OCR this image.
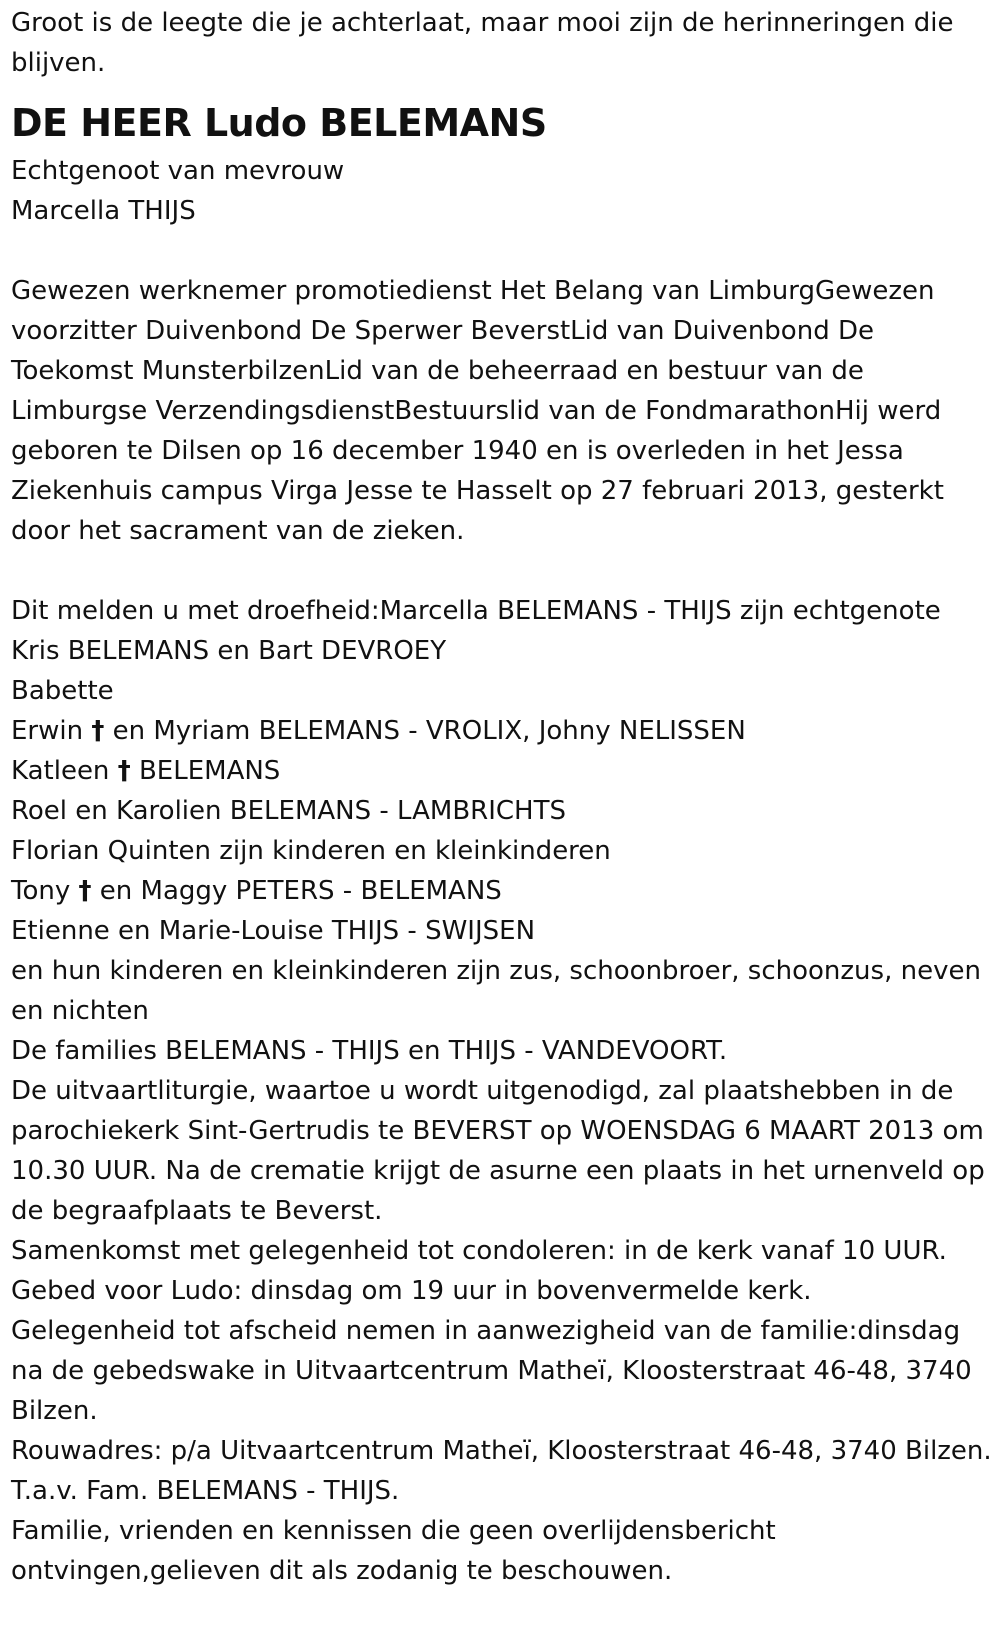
Groot is de leegte die je achterlaat, maar mooi zijn de herinneringen die blijven.

DE HEER Ludo BELEMANS
Echtgenoot van mevrouw
Marcella THIJS

Gewezen werknemer promotiedienst Het Belang van LimburgGewezen voorzitter Duivenbond De Sperwer BeverstLid van Duivenbond De Toekomst MunsterbilzenLid van de beheerraad en bestuur van de Limburgse VerzendingsdienstBestuurslid van de FondmarathonHij werd geboren te Dilsen op 16 december 1940 en is overleden in het Jessa Ziekenhuis campus Virga Jesse te Hasselt op 27 februari 2013, gesterkt door het sacrament van de zieken.

Dit melden u met droefheid:Marcella BELEMANS - THIJS zijn echtgenote
Kris BELEMANS en Bart DEVROEY
Babette
Erwin † en Myriam BELEMANS - VROLIX, Johny NELISSEN
Katleen † BELEMANS
Roel en Karolien BELEMANS - LAMBRICHTS
Florian Quinten zijn kinderen en kleinkinderen
Tony † en Maggy PETERS - BELEMANS
Etienne en Marie-Louise THIJS - SWIJSEN

en hun kinderen en kleinkinderen zijn zus, schoonbroer, schoonzus, neven en nichten

De families BELEMANS - THIJS en THIJS - VANDEVOORT.

De uitvaartliturgie, waartoe u wordt uitgenodigd, zal plaatshebben in de parochiekerk Sint-Gertrudis te BEVERST op WOENSDAG 6 MAART 2013 om 10.30 UUR. Na de crematie krijgt de asurne een plaats in het urnenveld op de begraafplaats te Beverst.

Samenkomst met gelegenheid tot condoleren: in de kerk vanaf 10 UUR.

Gebed voor Ludo: dinsdag om 19 uur in bovenvermelde kerk.

Gelegenheid tot afscheid nemen in aanwezigheid van de familie:dinsdag na de gebedswake in Uitvaartcentrum Matheï, Kloosterstraat 46-48, 3740 Bilzen.

Rouwadres: p/a Uitvaartcentrum Matheï, Kloosterstraat 46-48, 3740 Bilzen. T.a.v. Fam. BELEMANS - THIJS.

Familie, vrienden en kennissen die geen overlijdensbericht ontvingen,gelieven dit als zodanig te beschouwen.
